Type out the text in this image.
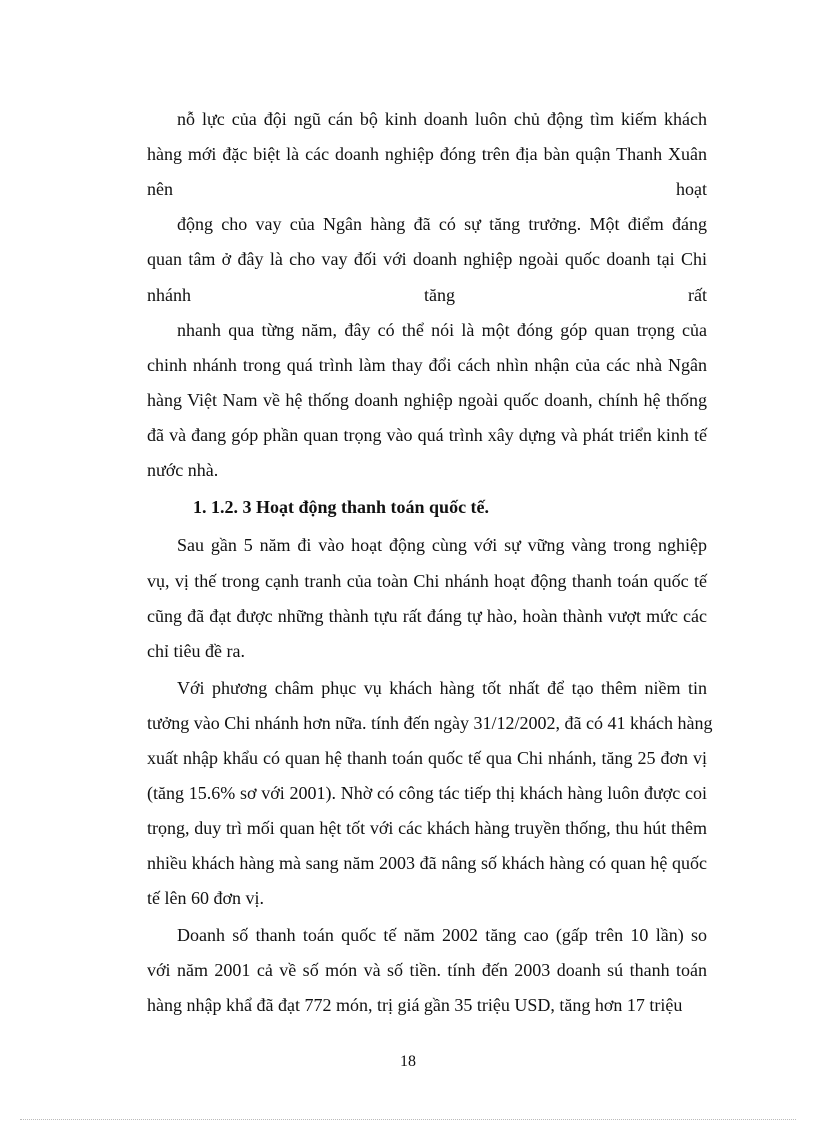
nỗ lực của đội ngũ cán bộ kinh doanh luôn chủ động tìm kiếm khách
hàng mới đặc biệt là các doanh nghiệp đóng trên địa bàn quận Thanh Xuân
nên hoạt
động cho vay của Ngân hàng đã có sự tăng trưởng. Một điểm đáng
quan tâm ở đây là cho vay đối với doanh nghiệp ngoài quốc doanh tại Chi
nhánh tăng rất
nhanh qua từng năm, đây có thể nói là một đóng góp quan trọng của
chinh nhánh trong quá trình làm thay đổi cách nhìn nhận của các nhà Ngân
hàng Việt Nam về hệ thống doanh nghiệp ngoài quốc doanh, chính hệ thống
đã và đang góp phần quan trọng vào quá trình xây dựng và phát triển kinh tế
nước nhà.
1. 1.2. 3 Hoạt động thanh toán quốc tế.
Sau gần 5 năm đi vào hoạt động cùng với sự vững vàng trong nghiệp
vụ, vị thế trong cạnh tranh của toàn Chi nhánh hoạt động thanh toán quốc tế
cũng đã đạt được những thành tựu rất đáng tự hào, hoàn thành vượt mức các
chỉ tiêu đề ra.
Với phương châm phục vụ khách hàng tốt nhất để tạo thêm niềm tin
tưởng vào Chi nhánh hơn nữa. tính đến ngày 31/12/2002, đã có 41 khách hàng
xuất nhập khẩu có quan hệ thanh toán quốc tế qua Chi nhánh, tăng 25 đơn vị
(tăng 15.6% sơ với 2001). Nhờ có công tác tiếp thị khách hàng luôn được coi
trọng, duy trì mối quan hệt tốt với các khách hàng truyền thống, thu hút thêm
nhiều khách hàng mà sang năm 2003 đã nâng số khách hàng có quan hệ quốc
tế lên 60 đơn vị.
Doanh số thanh toán quốc tế năm 2002 tăng cao (gấp trên 10 lần) so
với năm 2001 cả về số món và số tiền. tính đến 2003 doanh sú thanh toán
hàng nhập khẩ đã đạt 772 món, trị giá gần 35 triệu USD, tăng hơn 17 triệu
18
